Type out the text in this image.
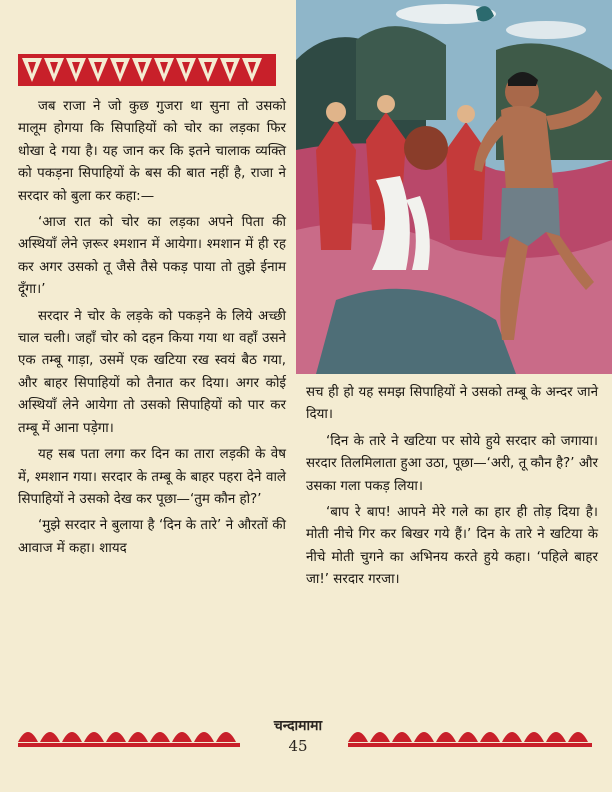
जब राजा ने जो कुछ गुजरा था सुना तो उसको मालूम होगया कि सिपाहियों को चोर का लड़का फिर धोखा दे गया है। यह जान कर कि इतने चालाक व्यक्ति को पकड़ना सिपाहियों के बस की बात नहीं है, राजा ने सरदार को बुला कर कहा:—

‘आज रात को चोर का लड़का अपने पिता की अस्थियाँ लेने ज़रूर श्मशान में आयेगा। श्मशान में ही रह कर अगर उसको तू जैसे तैसे पकड़ पाया तो तुझे ईनाम दूँगा।’

सरदार ने चोर के लड़के को पकड़ने के लिये अच्छी चाल चली। जहाँ चोर को दहन किया गया था वहाँ उसने एक तम्बू गाड़ा, उसमें एक खटिया रख स्वयं बैठ गया, और बाहर सिपाहियों को तैनात कर दिया। अगर कोई अस्थियाँ लेने आयेगा तो उसको सिपाहियों को पार कर तम्बू में आना पड़ेगा।

यह सब पता लगा कर दिन का तारा लड़की के वेष में, श्मशान गया। सरदार के तम्बू के बाहर पहरा देने वाले सिपाहियों ने उसको देख कर पूछा—‘तुम कौन हो?’

‘मुझे सरदार ने बुलाया है ‘दिन के तारे’ ने औरतों की आवाज में कहा। शायद

सच ही हो यह समझ सिपाहियों ने उसको तम्बू के अन्दर जाने दिया।

‘दिन के तारे ने खटिया पर सोये हुये सरदार को जगाया। सरदार तिलमिलाता हुआ उठा, पूछा—‘अरी, तू कौन है?’ और उसका गला पकड़ लिया।

‘बाप रे बाप! आपने मेरे गले का हार ही तोड़ दिया है। मोती नीचे गिर कर बिखर गये हैं।’ दिन के तारे ने खटिया के नीचे मोती चुगने का अभिनय करते हुये कहा। ‘पहिले बाहर जा!’ सरदार गरजा।

चन्दामामा
45
